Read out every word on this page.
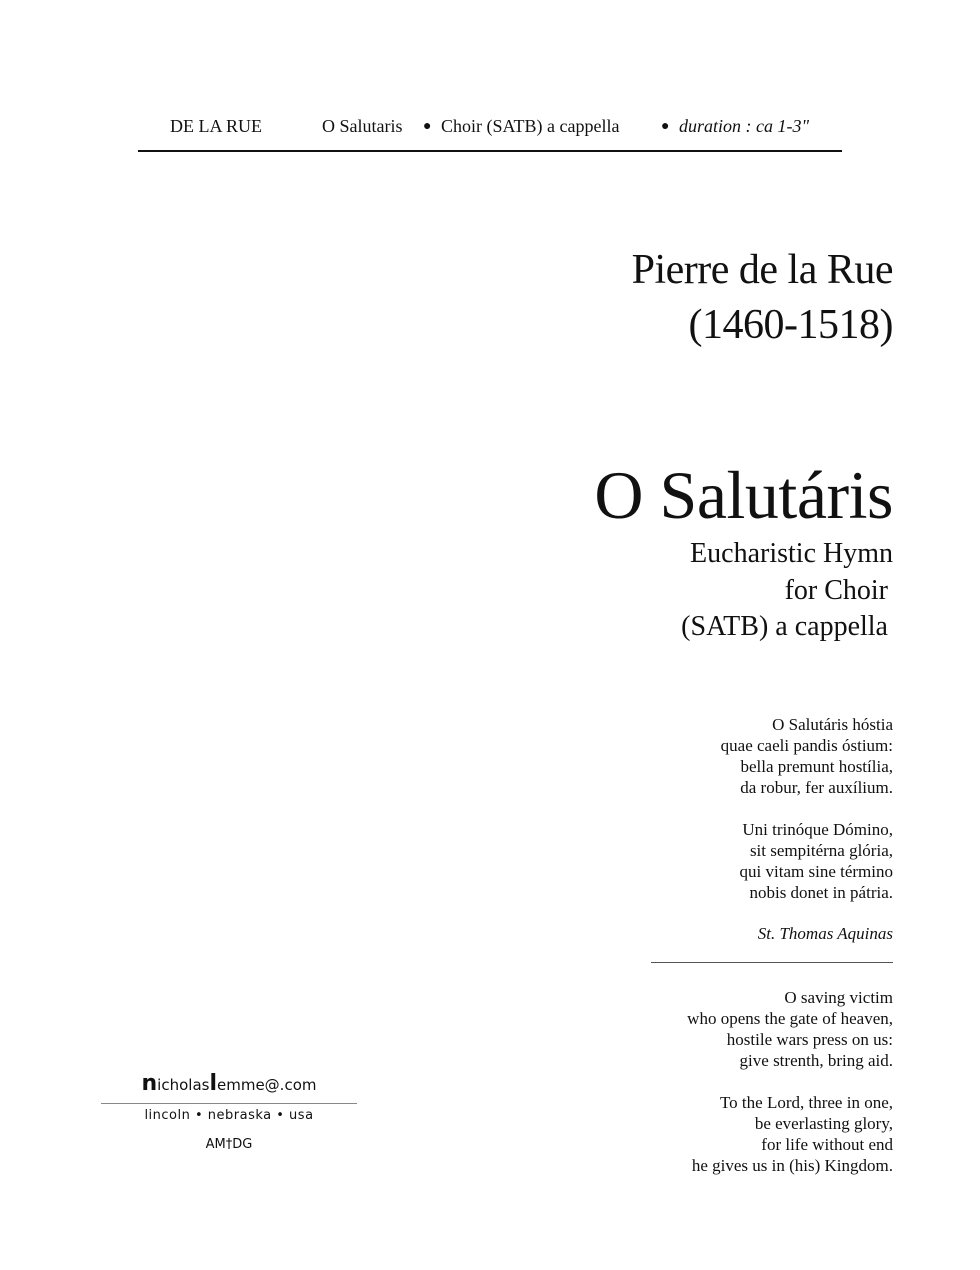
DE LA RUE	O Salutaris ● Choir (SATB) a cappella	● duration : ca 1-3"
Pierre de la Rue
(1460-1518)
O Salutáris
Eucharistic Hymn
for Choir
(SATB) a cappella
O Salutáris hóstia
quae caeli pandis óstium:
bella premunt hostília,
da robur, fer auxílium.
Uni trinóque Dómino,
sit sempitérna glória,
qui vitam sine término
nobis donet in pátria.
St. Thomas Aquinas
O saving victim
who opens the gate of heaven,
hostile wars press on us:
give strenth, bring aid.
To the Lord, three in one,
be everlasting glory,
for life without end
he gives us in (his) Kingdom.
nicholaslemme@.com
lincoln • nebraska • usa
AM†DG
